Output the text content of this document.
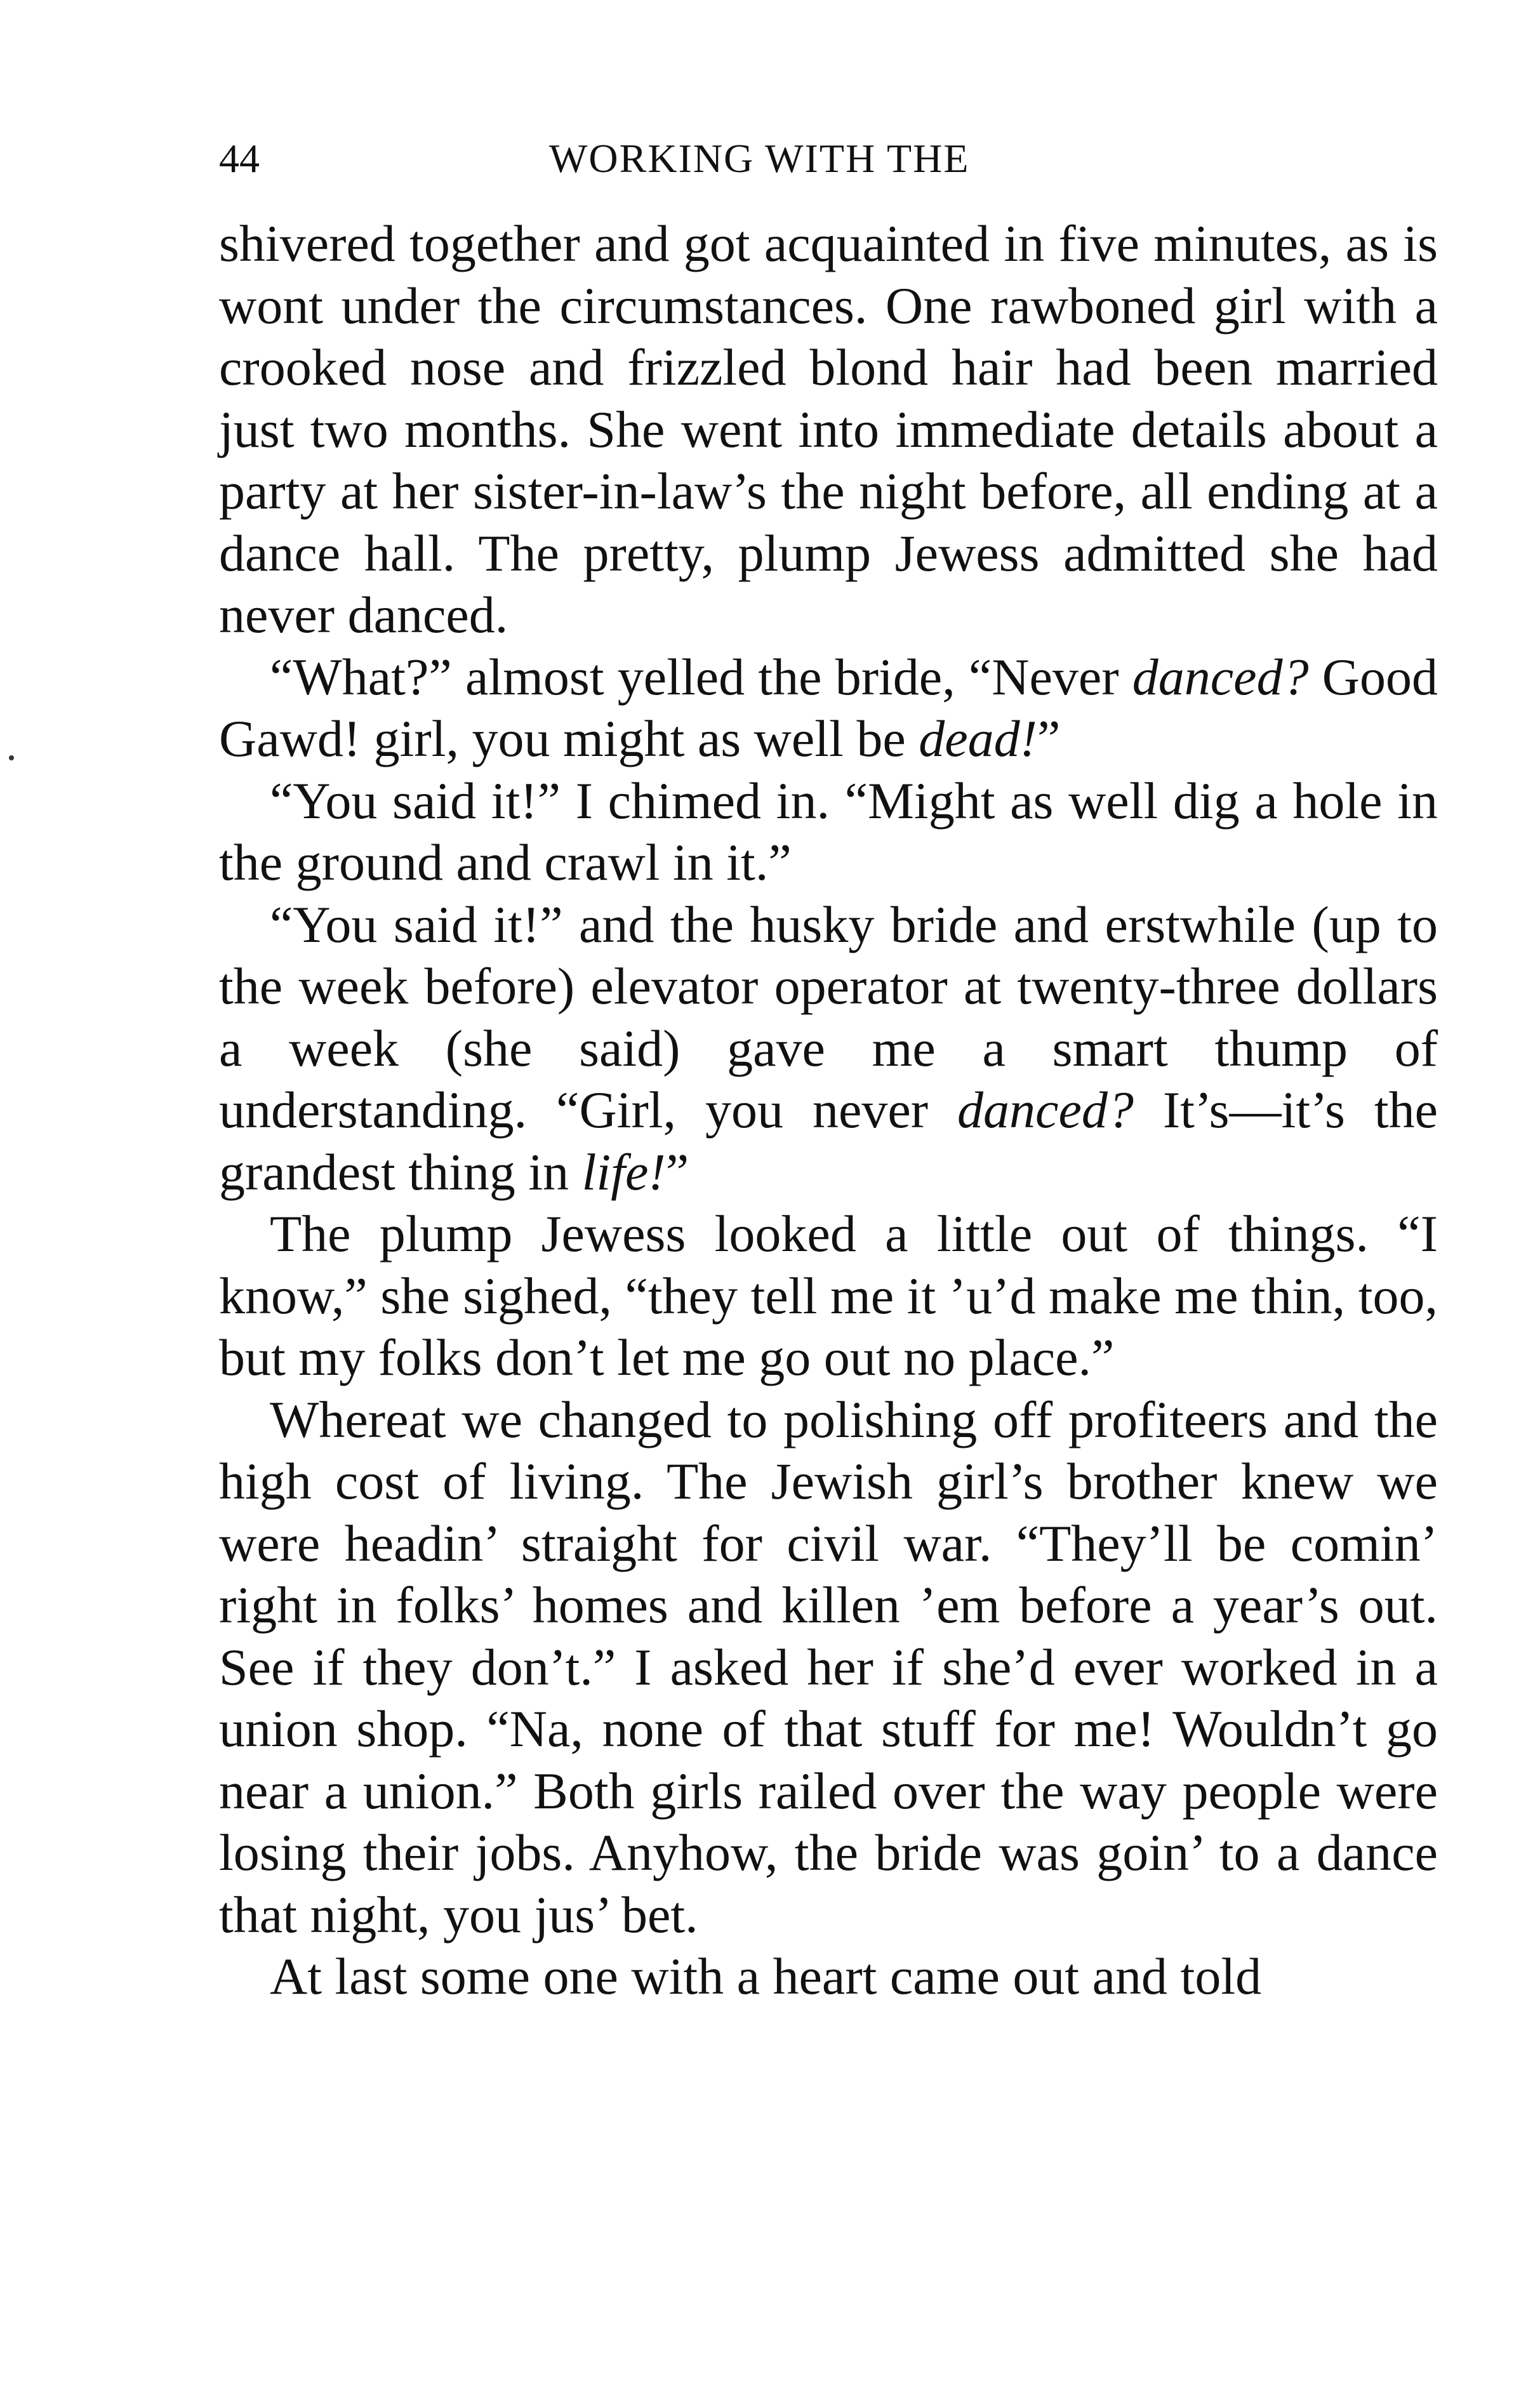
44	WORKING WITH THE

shivered together and got acquainted in five minutes, as is wont under the circumstances. One rawboned girl with a crooked nose and frizzled blond hair had been married just two months. She went into immediate details about a party at her sister-in-law’s the night before, all ending at a dance hall. The pretty, plump Jewess admitted she had never danced.

“What?” almost yelled the bride, “Never danced? Good Gawd! girl, you might as well be dead!”

“You said it!” I chimed in. “Might as well dig a hole in the ground and crawl in it.”

“You said it!” and the husky bride and erstwhile (up to the week before) elevator operator at twenty-three dollars a week (she said) gave me a smart thump of understanding. “Girl, you never danced? It’s—it’s the grandest thing in life!”

The plump Jewess looked a little out of things. “I know,” she sighed, “they tell me it ’u’d make me thin, too, but my folks don’t let me go out no place.”

Whereat we changed to polishing off profiteers and the high cost of living. The Jewish girl’s brother knew we were headin’ straight for civil war. “They’ll be comin’ right in folks’ homes and killen ’em before a year’s out. See if they don’t.” I asked her if she’d ever worked in a union shop. “Na, none of that stuff for me! Wouldn’t go near a union.” Both girls railed over the way people were losing their jobs. Anyhow, the bride was goin’ to a dance that night, you jus’ bet.

At last some one with a heart came out and told
